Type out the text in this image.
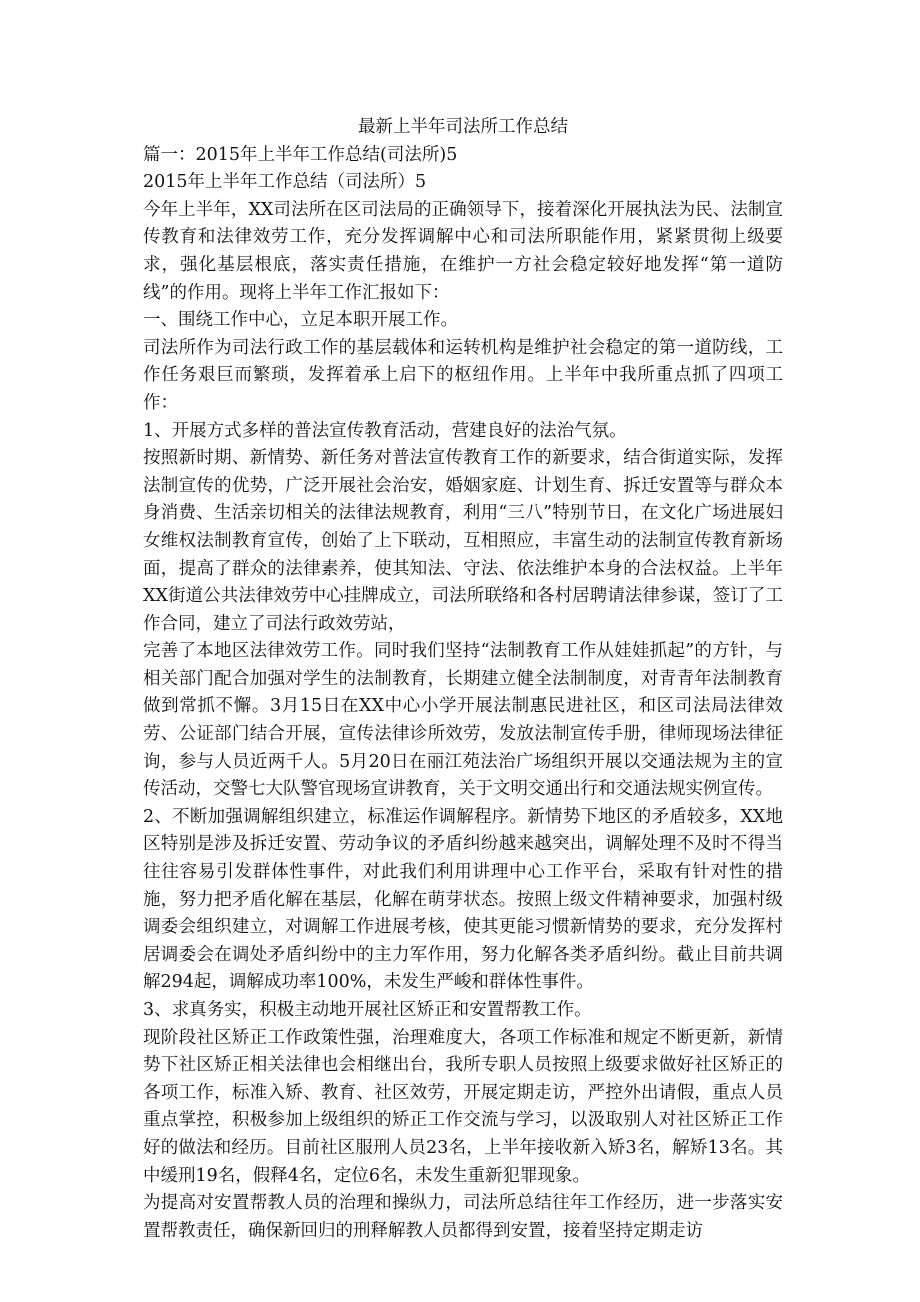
最新上半年司法所工作总结

篇一：2015年上半年工作总结(司法所)5

2015年上半年工作总结（司法所）5

今年上半年，XX司法所在区司法局的正确领导下，接着深化开展执法为民、法制宣传教育和法律效劳工作，充分发挥调解中心和司法所职能作用，紧紧贯彻上级要求，强化基层根底，落实责任措施，在维护一方社会稳定较好地发挥“第一道防线”的作用。现将上半年工作汇报如下：

一、围绕工作中心，立足本职开展工作。

司法所作为司法行政工作的基层载体和运转机构是维护社会稳定的第一道防线，工作任务艰巨而繁琐，发挥着承上启下的枢纽作用。上半年中我所重点抓了四项工作：

1、开展方式多样的普法宣传教育活动，营建良好的法治气氛。

按照新时期、新情势、新任务对普法宣传教育工作的新要求，结合街道实际，发挥法制宣传的优势，广泛开展社会治安，婚姻家庭、计划生育、拆迁安置等与群众本身消费、生活亲切相关的法律法规教育，利用“三八”特别节日，在文化广场进展妇女维权法制教育宣传，创始了上下联动，互相照应，丰富生动的法制宣传教育新场面，提高了群众的法律素养，使其知法、守法、依法维护本身的合法权益。上半年XX街道公共法律效劳中心挂牌成立，司法所联络和各村居聘请法律参谋，签订了工作合同，建立了司法行政效劳站，

完善了本地区法律效劳工作。同时我们坚持“法制教育工作从娃娃抓起”的方针，与相关部门配合加强对学生的法制教育，长期建立健全法制制度，对青青年法制教育做到常抓不懈。3月15日在XX中心小学开展法制惠民进社区，和区司法局法律效劳、公证部门结合开展，宣传法律诊所效劳，发放法制宣传手册，律师现场法律征询，参与人员近两千人。5月20日在丽江苑法治广场组织开展以交通法规为主的宣传活动，交警七大队警官现场宣讲教育，关于文明交通出行和交通法规实例宣传。

2、不断加强调解组织建立，标准运作调解程序。新情势下地区的矛盾较多，XX地区特别是涉及拆迁安置、劳动争议的矛盾纠纷越来越突出，调解处理不及时不得当往往容易引发群体性事件，对此我们利用讲理中心工作平台，采取有针对性的措施，努力把矛盾化解在基层，化解在萌芽状态。按照上级文件精神要求，加强村级调委会组织建立，对调解工作进展考核，使其更能习惯新情势的要求，充分发挥村居调委会在调处矛盾纠纷中的主力军作用，努力化解各类矛盾纠纷。截止目前共调解294起，调解成功率100%，未发生严峻和群体性事件。

3、求真务实，积极主动地开展社区矫正和安置帮教工作。

现阶段社区矫正工作政策性强，治理难度大，各项工作标准和规定不断更新，新情势下社区矫正相关法律也会相继出台，我所专职人员按照上级要求做好社区矫正的各项工作，标准入矫、教育、社区效劳，开展定期走访，严控外出请假，重点人员重点掌控，积极参加上级组织的矫正工作交流与学习，以汲取别人对社区矫正工作好的做法和经历。目前社区服刑人员23名，上半年接收新入矫3名，解矫13名。其中缓刑19名，假释4名，定位6名，未发生重新犯罪现象。

为提高对安置帮教人员的治理和操纵力，司法所总结往年工作经历，进一步落实安置帮教责任，确保新回归的刑释解教人员都得到安置，接着坚持定期走访
